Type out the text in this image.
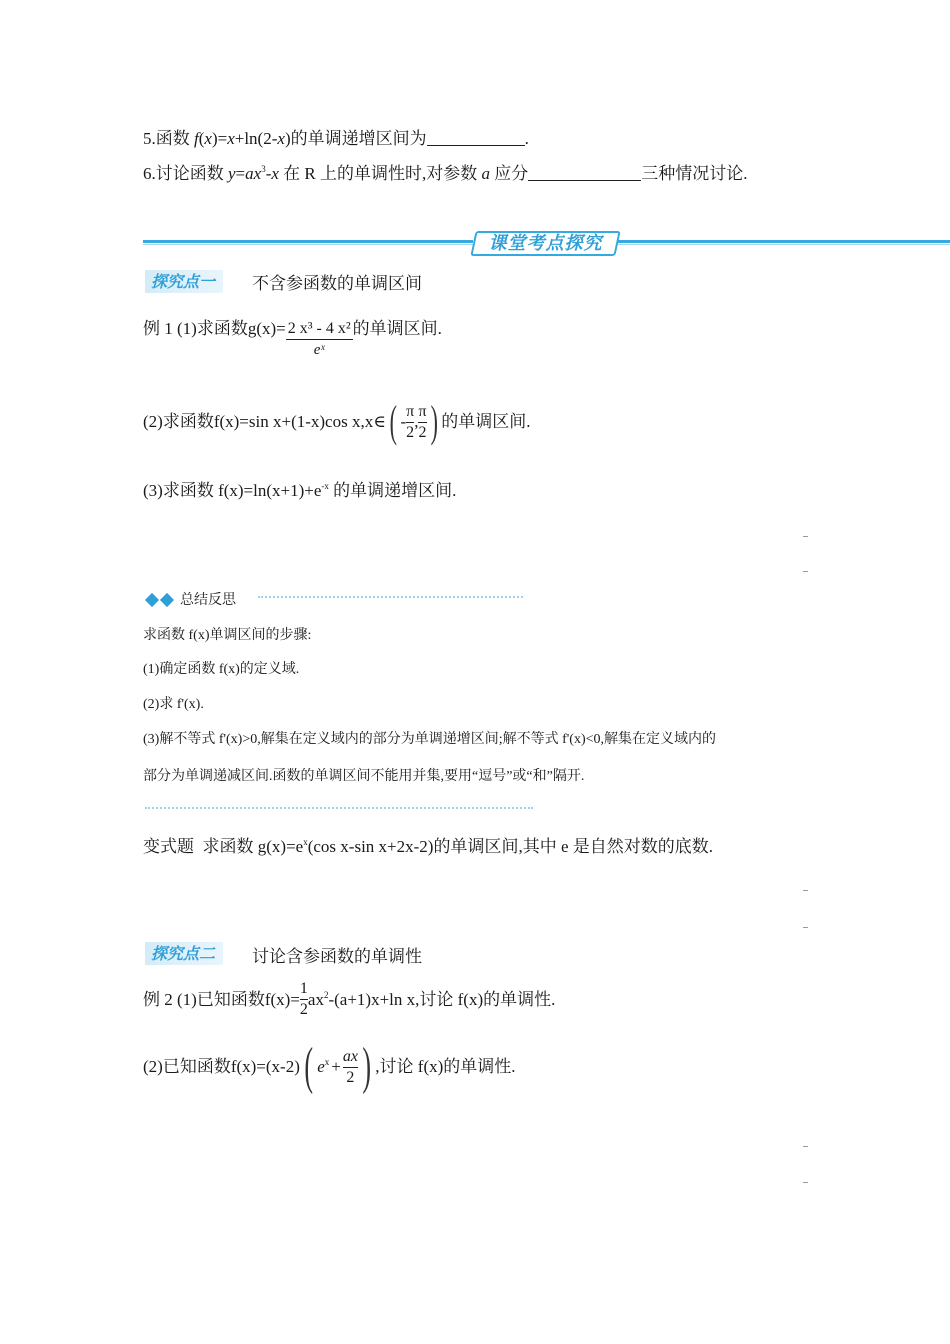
5.函数 f(x)=x+ln(2-x)的单调递增区间为	.
6.讨论函数 $y=ax^3-x$ 在 R 上的单调性时,对参数 a 应分	三种情况讨论.
课堂考点探究
探究点一	不含参函数的单调区间
例 1 (1)求函数 $g(x)= \frac{\text{2 x³ - 4 x²}}{\text{eˣ}}$ 的单调区间.
(2)求函数 f(x)=sin x+(1-x)cos x,x∈ ( - $\frac{\pi}{2}$ , $\frac{\pi}{2}$ ) 的单调区间.
(3)求函数 $f(x)=\ln(x+1)+e^{-x}$ 的单调递增区间.
总结反思
求函数 f(x)单调区间的步骤:
(1)确定函数 f(x)的定义域.
(2)求 f'(x).
(3)解不等式 f'(x)>0,解集在定义域内的部分为单调递增区间;解不等式 f'(x)<0,解集在定义域内的
部分为单调递减区间.函数的单调区间不能用并集,要用“逗号”或“和”隔开.
变式题  求函数 $g(x)=e^x(\cos$ x-sin x+2x-2)的单调区间,其中 e 是自然对数的底数.
探究点二	讨论含参函数的单调性
例 2 (1)已知函数 $f(x)= \frac{1}{2} ax^2-(a+1)x+\ln$ x,讨论 f(x)的单调性.
(2)已知函数 f(x)=(x-2) ( $e^x + \frac{ax}{2}$ ) ,讨论 f(x)的单调性.
